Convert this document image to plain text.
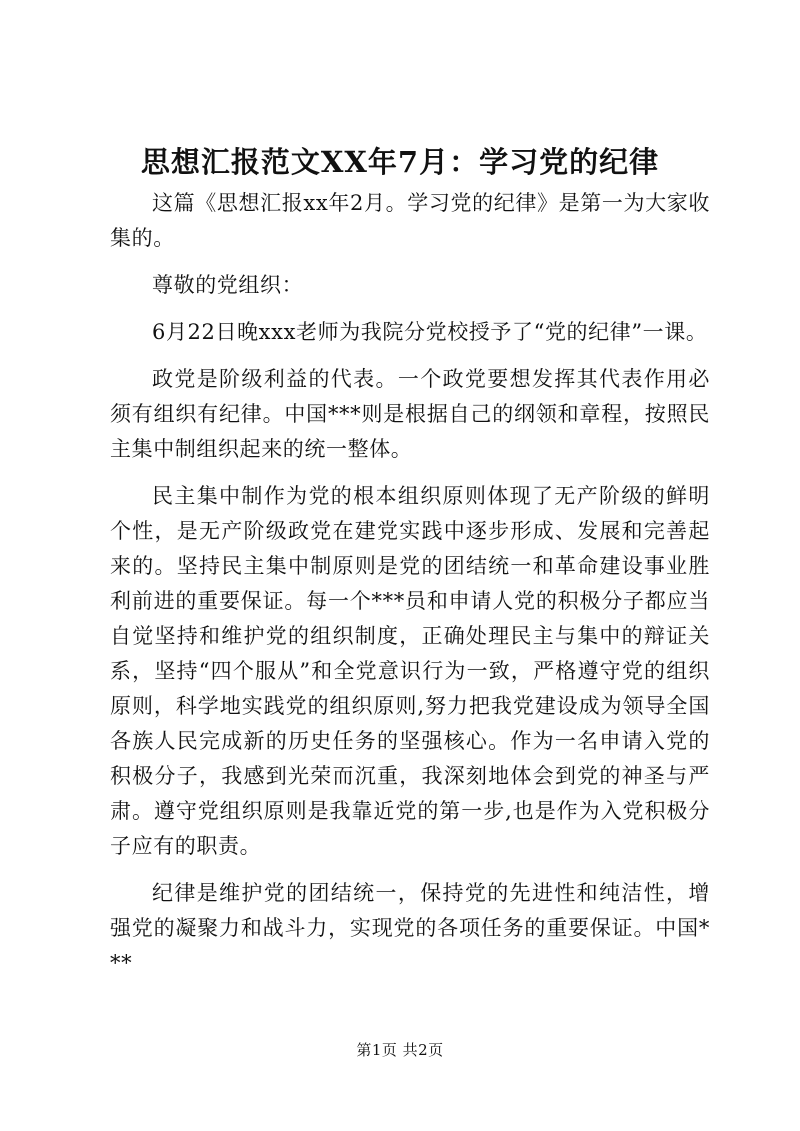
思想汇报范文XX年7月：学习党的纪律

这篇《思想汇报xx年2月。学习党的纪律》是第一为大家收集的。

尊敬的党组织：

6月22日晚xxx老师为我院分党校授予了“党的纪律”一课。

政党是阶级利益的代表。一个政党要想发挥其代表作用必须有组织有纪律。中国***则是根据自己的纲领和章程，按照民主集中制组织起来的统一整体。

民主集中制作为党的根本组织原则体现了无产阶级的鲜明个性，是无产阶级政党在建党实践中逐步形成、发展和完善起来的。坚持民主集中制原则是党的团结统一和革命建设事业胜利前进的重要保证。每一个***员和申请人党的积极分子都应当自觉坚持和维护党的组织制度，正确处理民主与集中的辩证关系，坚持“四个服从”和全党意识行为一致，严格遵守党的组织原则，科学地实践党的组织原则,努力把我党建设成为领导全国各族人民完成新的历史任务的坚强核心。作为一名申请入党的积极分子，我感到光荣而沉重，我深刻地体会到党的神圣与严肃。遵守党组织原则是我靠近党的第一步,也是作为入党积极分子应有的职责。

纪律是维护党的团结统一，保持党的先进性和纯洁性，增强党的凝聚力和战斗力，实现党的各项任务的重要保证。中国***

第1页 共2页
